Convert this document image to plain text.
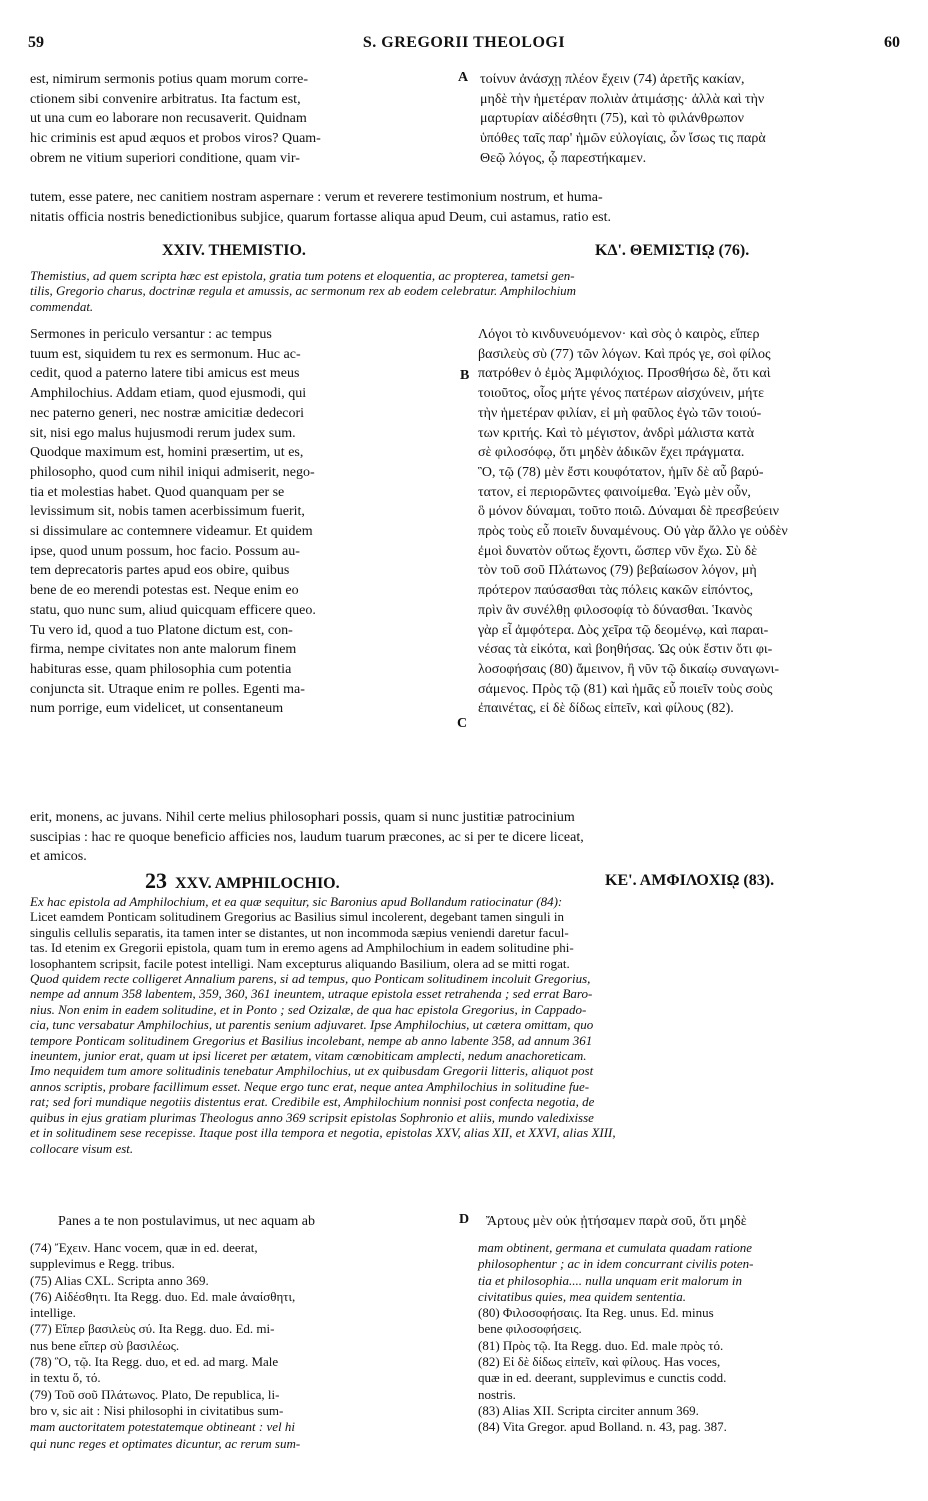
59	S. GREGORII THEOLOGI	60
est, nimirum sermonis potius quam morum corre-
ctionem sibi convenire arbitratus. Ita factum est,
ut una cum eo laborare non recusaverit. Quidnam
hic criminis est apud æquos et probos viros? Quam-
obrem ne vitium superiori conditione, quam vir-
A τοίνυν ἀνάσχῃ πλέον ἔχειν (74) ἀρετῆς κακίαν,
μηδὲ τὴν ἡμετέραν πολιὰν ἀτιμάσῃς· ἀλλὰ καὶ τὴν
μαρτυρίαν αἰδέσθητι (75), καὶ τὸ φιλάνθρωπον
ὑπόθες ταῖς παρ' ἡμῶν εὐλογίαις, ὧν ἴσως τις παρὰ
Θεῷ λόγος, ᾧ παρεστήκαμεν.
tutem, esse patere, nec canitiem nostram aspernare : verum et reverere testimonium nostrum, et huma-
nitatis officia nostris benedictionibus subjice, quarum fortasse aliqua apud Deum, cui astamus, ratio est.
XXIV. THEMISTIO.	ΚΔ'. ΘΕΜΙΣΤΙῼ (76).
Themistius, ad quem scripta hæc est epistola, gratia tum potens et eloquentia, ac propterea, tametsi gen-
tilis, Gregorio charus, doctrinæ regula et amussis, ac sermonum rex ab eodem celebratur. Amphilochium
commendat.
Sermones in periculo versantur : ac tempus
tuum est, siquidem tu rex es sermonum. Huc ac-
cedit, quod a paterno latere tibi amicus est meus
Amphilochius. Addam etiam, quod ejusmodi, qui
nec paterno generi, nec nostræ amicitiæ dedecori
sit, nisi ego malus hujusmodi rerum judex sum.
Quodque maximum est, homini præsertim, ut es,
philosopho, quod cum nihil iniqui admiserit, nego-
tia et molestias habet. Quod quanquam per se
levissimum sit, nobis tamen acerbissimum fuerit,
si dissimulare ac contemnere videamur. Et quidem
ipse, quod unum possum, hoc facio. Possum au-
tem deprecatoris partes apud eos obire, quibus
bene de eo merendi potestas est. Neque enim eo
statu, quo nunc sum, aliud quicquam efficere queo.
Tu vero id, quod a tuo Platone dictum est, con-
firma, nempe civitates non ante malorum finem
habituras esse, quam philosophia cum potentia
conjuncta sit. Utraque enim re polles. Egenti ma-
num porrige, eum videlicet, ut consentaneum
B
C
Λόγοι τὸ κινδυνευόμενον· καὶ σὸς ὁ καιρὸς, εἴπερ
βασιλεὺς σὺ (77) τῶν λόγων. Καὶ πρός γε, σοὶ φίλος
πατρόθεν ὁ ἐμὸς Ἀμφιλόχιος. Προσθήσω δὲ, ὅτι καὶ
τοιοῦτος, οἷος μήτε γένος πατέρων αἰσχύνειν, μήτε
τὴν ἡμετέραν φιλίαν, εἰ μὴ φαῦλος ἐγὼ τῶν τοιού-
των κριτής. Καὶ τὸ μέγιστον, ἀνδρὶ μάλιστα κατὰ
σὲ φιλοσόφῳ, ὅτι μηδὲν ἀδικῶν ἔχει πράγματα.
Ὃ, τῷ (78) μὲν ἔστι κουφότατον, ἡμῖν δὲ αὖ βαρύ-
τατον, εἰ περιορῶντες φαινοίμεθα. Ἐγὼ μὲν οὖν,
ὃ μόνον δύναμαι, τοῦτο ποιῶ. Δύναμαι δὲ πρεσβεύειν
πρὸς τοὺς εὖ ποιεῖν δυναμένους. Οὐ γὰρ ἄλλο γε οὐδὲν
ἐμοὶ δυνατὸν οὕτως ἔχοντι, ὥσπερ νῦν ἔχω. Σὺ δὲ
τὸν τοῦ σοῦ Πλάτωνος (79) βεβαίωσον λόγον, μὴ
πρότερον παύσασθαι τὰς πόλεις κακῶν εἰπόντος,
πρὶν ἂν συνέλθῃ φιλοσοφίᾳ τὸ δύνασθαι. Ἱκανὸς
γὰρ εἶ ἀμφότερα. Δὸς χεῖρα τῷ δεομένῳ, καὶ παραι-
νέσας τὰ εἰκότα, καὶ βοηθήσας. Ὡς οὐκ ἔστιν ὅτι φι-
λοσοφήσαις (80) ἄμεινον, ἢ νῦν τῷ δικαίῳ συναγωνι-
σάμενος. Πρὸς τῷ (81) καὶ ἡμᾶς εὖ ποιεῖν τοὺς σοὺς
ἐπαινέτας, εἰ δὲ δίδως εἰπεῖν, καὶ φίλους (82).
erit, monens, ac juvans. Nihil certe melius philosophari possis, quam si nunc justitiæ patrocinium
suscipias : hac re quoque beneficio afficies nos, laudum tuarum præcones, ac si per te dicere liceat,
et amicos.
23 XXV. AMPHILOCHIO.	ΚΕ'. ΑΜΦΙΛΟΧΙῼ (83).
Ex hac epistola ad Amphilochium, et ea quæ sequitur, sic Baronius apud Bollandum ratiocinatur (84):
Licet eamdem Ponticam solitudinem Gregorius ac Basilius simul incolerent, degebant tamen singuli in
singulis cellulis separatis, ita tamen inter se distantes, ut non incommoda sæpius veniendi daretur facul-
tas. Id etenim ex Gregorii epistola, quam tum in eremo agens ad Amphilochium in eadem solitudine phi-
losophantem scripsit, facile potest intelligi. Nam excepturus aliquando Basilium, olera ad se mitti rogat.
Quod quidem recte colligeret Annalium parens, si ad tempus, quo Ponticam solitudinem incoluit Gregorius,
nempe ad annum 358 labentem, 359, 360, 361 ineuntem, utraque epistola esset retrahenda ; sed errat Baro-
nius. Non enim in eadem solitudine, et in Ponto ; sed Ozizalæ, de qua hac epistola Gregorius, in Cappado-
cia, tunc versabatur Amphilochius, ut parentis senium adjuvaret. Ipse Amphilochius, ut cætera omittam, quo
tempore Ponticam solitudinem Gregorius et Basilius incolebant, nempe ab anno labente 358, ad annum 361
ineuntem, junior erat, quam ut ipsi liceret per ætatem, vitam cœnobiticam amplecti, nedum anachoreticam.
Imo nequidem tum amore solitudinis tenebatur Amphilochius, ut ex quibusdam Gregorii litteris, aliquot post
annos scriptis, probare facillimum esset. Neque ergo tunc erat, neque antea Amphilochius in solitudine fue-
rat; sed fori mundique negotiis distentus erat. Credibile est, Amphilochium nonnisi post confecta negotia, de
quibus in ejus gratiam plurimas Theologus anno 369 scripsit epistolas Sophronio et aliis, mundo valedixisse
et in solitudinem sese recepisse. Itaque post illa tempora et negotia, epistolas XXV, alias XII, et XXVI, alias XIII,
collocare visum est.
Panes a te non postulavimus, ut nec aquam ab	D Ἄρτους μὲν οὐκ ᾐτήσαμεν παρὰ σοῦ, ὅτι μηδὲ
(74) Ἔχειν. Hanc vocem, quæ in ed. deerat,
supplevimus e Regg. tribus.
(75) Alias CXL. Scripta anno 369.
(76) Αἰδέσθητι. Ita Regg. duo. Ed. male ἀναίσθητι,
intellige.
(77) Εἴπερ βασιλεὺς σύ. Ita Regg. duo. Ed. mi-
nus bene εἴπερ σὺ βασιλέως.
(78) Ὃ, τῷ. Ita Regg. duo, et ed. ad marg. Male
in textu ὅ, τό.
(79) Τοῦ σοῦ Πλάτωνος. Plato, De republica, li-
bro v, sic ait : Nisi philosophi in civitatibus sum-
mam auctoritatem potestatemque obtineant : vel hi
qui nunc reges et optimates dicuntur, ac rerum sum-
mam obtinent, germana et cumulata quadam ratione
philosophentur ; ac in idem concurrant civilis poten-
tia et philosophia.... nulla unquam erit malorum in
civitatibus quies, mea quidem sententia.
(80) Φιλοσοφήσαις. Ita Reg. unus. Ed. minus
bene φιλοσοφήσεις.
(81) Πρὸς τῷ. Ita Regg. duo. Ed. male πρὸς τό.
(82) Εἰ δὲ δίδως εἰπεῖν, καὶ φίλους. Has voces,
quæ in ed. deerant, supplevimus e cunctis codd.
nostris.
(83) Alias XII. Scripta circiter annum 369.
(84) Vita Gregor. apud Bolland. n. 43, pag. 387.
